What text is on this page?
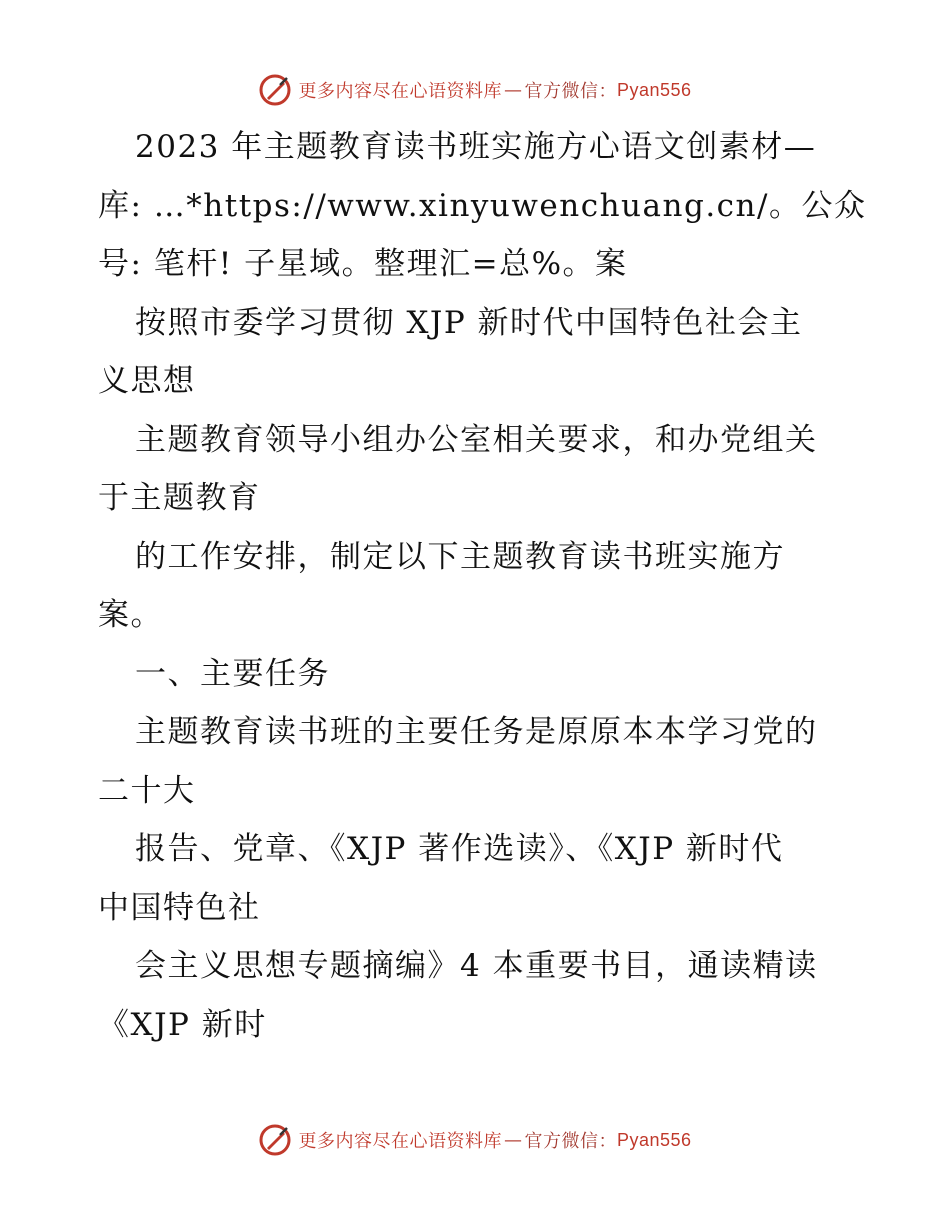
更多内容尽在心语资料库 — 官方微信： Pyan556
2023 年主题教育读书班实施方心语文创素材—
库: …*https://www.xinyuwenchuang.cn/。公众
号: 笔杆! 子星域。整理汇=总%。案
按照市委学习贯彻 XJP 新时代中国特色社会主
义思想
主题教育领导小组办公室相关要求，和办党组关
于主题教育
的工作安排，制定以下主题教育读书班实施方
案。
一、主要任务
主题教育读书班的主要任务是原原本本学习党的
二十大
报告、党章、《XJP 著作选读》、《XJP 新时代
中国特色社
会主义思想专题摘编》4 本重要书目，通读精读
《XJP 新时
更多内容尽在心语资料库 — 官方微信： Pyan556
